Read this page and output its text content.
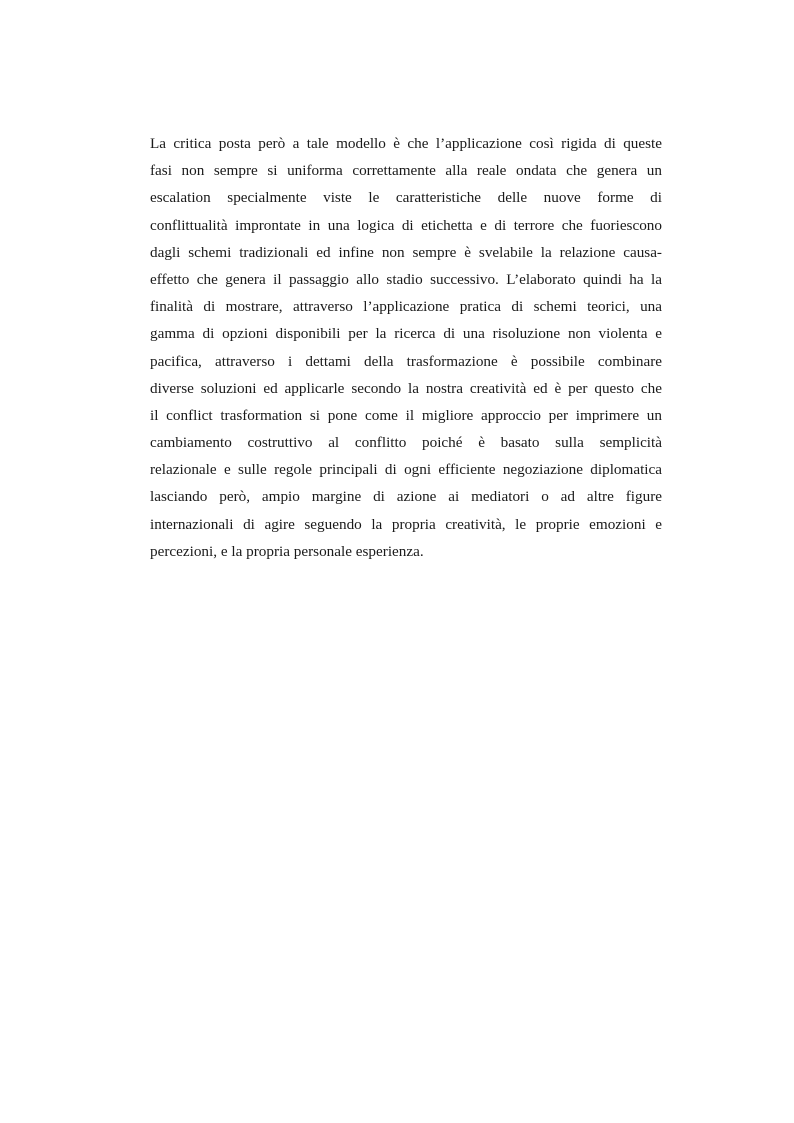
La critica posta però a tale modello è che l’applicazione così rigida di queste
fasi non sempre si uniforma correttamente alla reale ondata che genera un
escalation specialmente viste le caratteristiche delle nuove forme di
conflittualità improntate in una logica di etichetta e di terrore che fuoriescono
dagli schemi tradizionali ed infine non sempre è svelabile la relazione causa-
effetto che genera il passaggio allo stadio successivo. L’elaborato quindi ha la
finalità di mostrare, attraverso l’applicazione pratica di schemi teorici, una
gamma di opzioni disponibili per la ricerca di una risoluzione non violenta e
pacifica, attraverso i dettami della trasformazione è possibile combinare
diverse soluzioni ed applicarle secondo la nostra creatività ed è per questo che
il conflict trasformation si pone come il migliore approccio per imprimere un
cambiamento costruttivo al conflitto poiché è basato sulla semplicità
relazionale e sulle regole principali di ogni efficiente negoziazione diplomatica
lasciando però, ampio margine di azione ai mediatori o ad altre figure
internazionali di agire seguendo la propria creatività, le proprie emozioni e
percezioni, e la propria personale esperienza.
